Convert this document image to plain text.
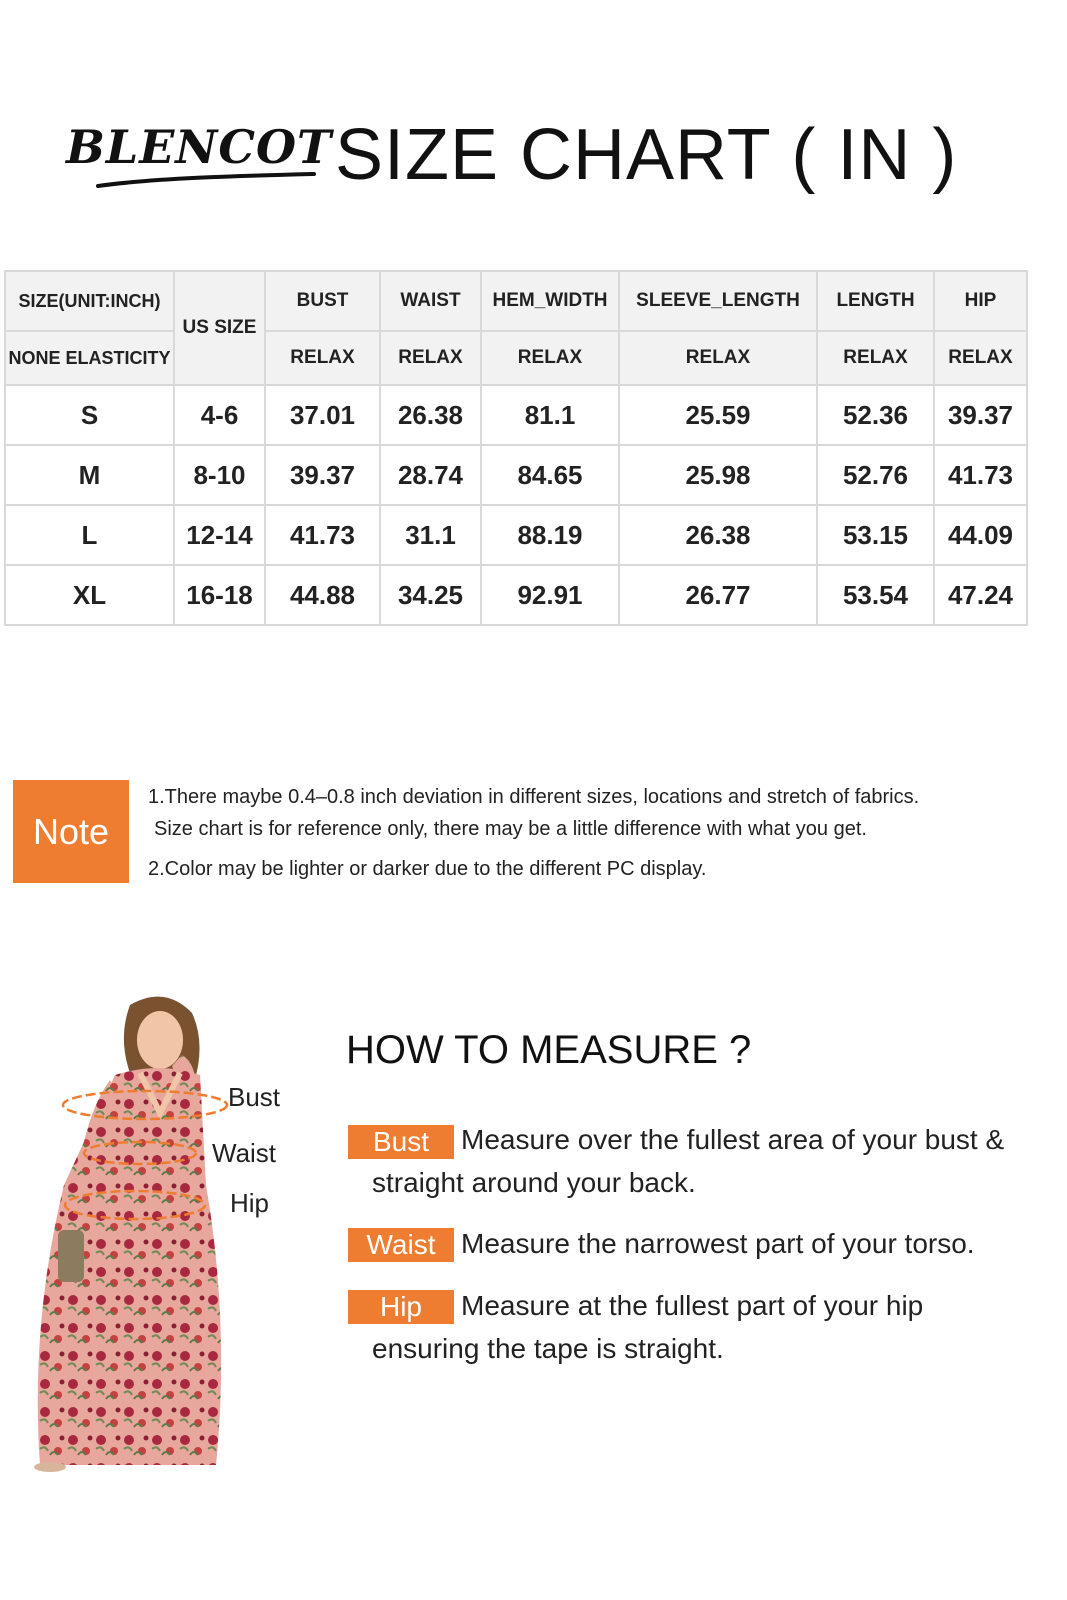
BLENCOT SIZE CHART ( IN )
SIZE(UNIT:INCH)	US SIZE	BUST	WAIST	HEM_WIDTH	SLEEVE_LENGTH	LENGTH	HIP
NONE ELASTICITY		RELAX	RELAX	RELAX	RELAX	RELAX	RELAX
S	4-6	37.01	26.38	81.1	25.59	52.36	39.37
M	8-10	39.37	28.74	84.65	25.98	52.76	41.73
L	12-14	41.73	31.1	88.19	26.38	53.15	44.09
XL	16-18	44.88	34.25	92.91	26.77	53.54	47.24
Note
1.There maybe 0.4–0.8 inch deviation in different sizes, locations and stretch of fabrics.
Size chart is for reference only, there may be a little difference with what you get.
2.Color may be lighter or darker due to the different PC display.
Bust
Waist
Hip
HOW TO MEASURE ?
Bust	Measure over the fullest area of your bust &
straight around your back.
Waist Measure the narrowest part of your torso.
Hip	Measure at the fullest part of your hip
ensuring the tape is straight.
